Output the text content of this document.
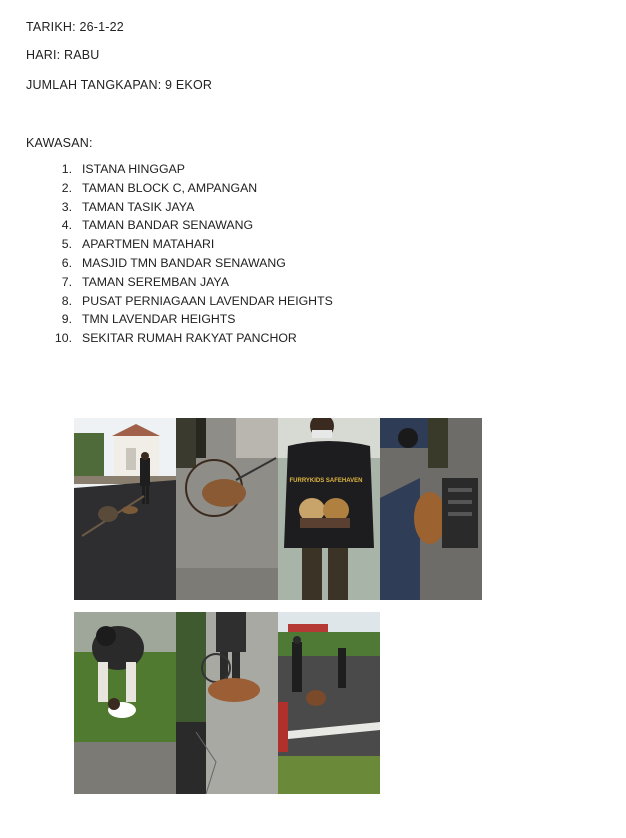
TARIKH: 26-1-22
HARI: RABU
JUMLAH TANGKAPAN: 9 EKOR
KAWASAN:
1. ISTANA HINGGAP
2. TAMAN BLOCK C, AMPANGAN
3. TAMAN TASIK JAYA
4. TAMAN BANDAR SENAWANG
5. APARTMEN MATAHARI
6. MASJID TMN BANDAR SENAWANG
7. TAMAN SEREMBAN JAYA
8. PUSAT PERNIAGAAN LAVENDAR HEIGHTS
9. TMN LAVENDAR HEIGHTS
10. SEKITAR RUMAH RAKYAT PANCHOR
FURRYKIDS SAFEHAVEN
